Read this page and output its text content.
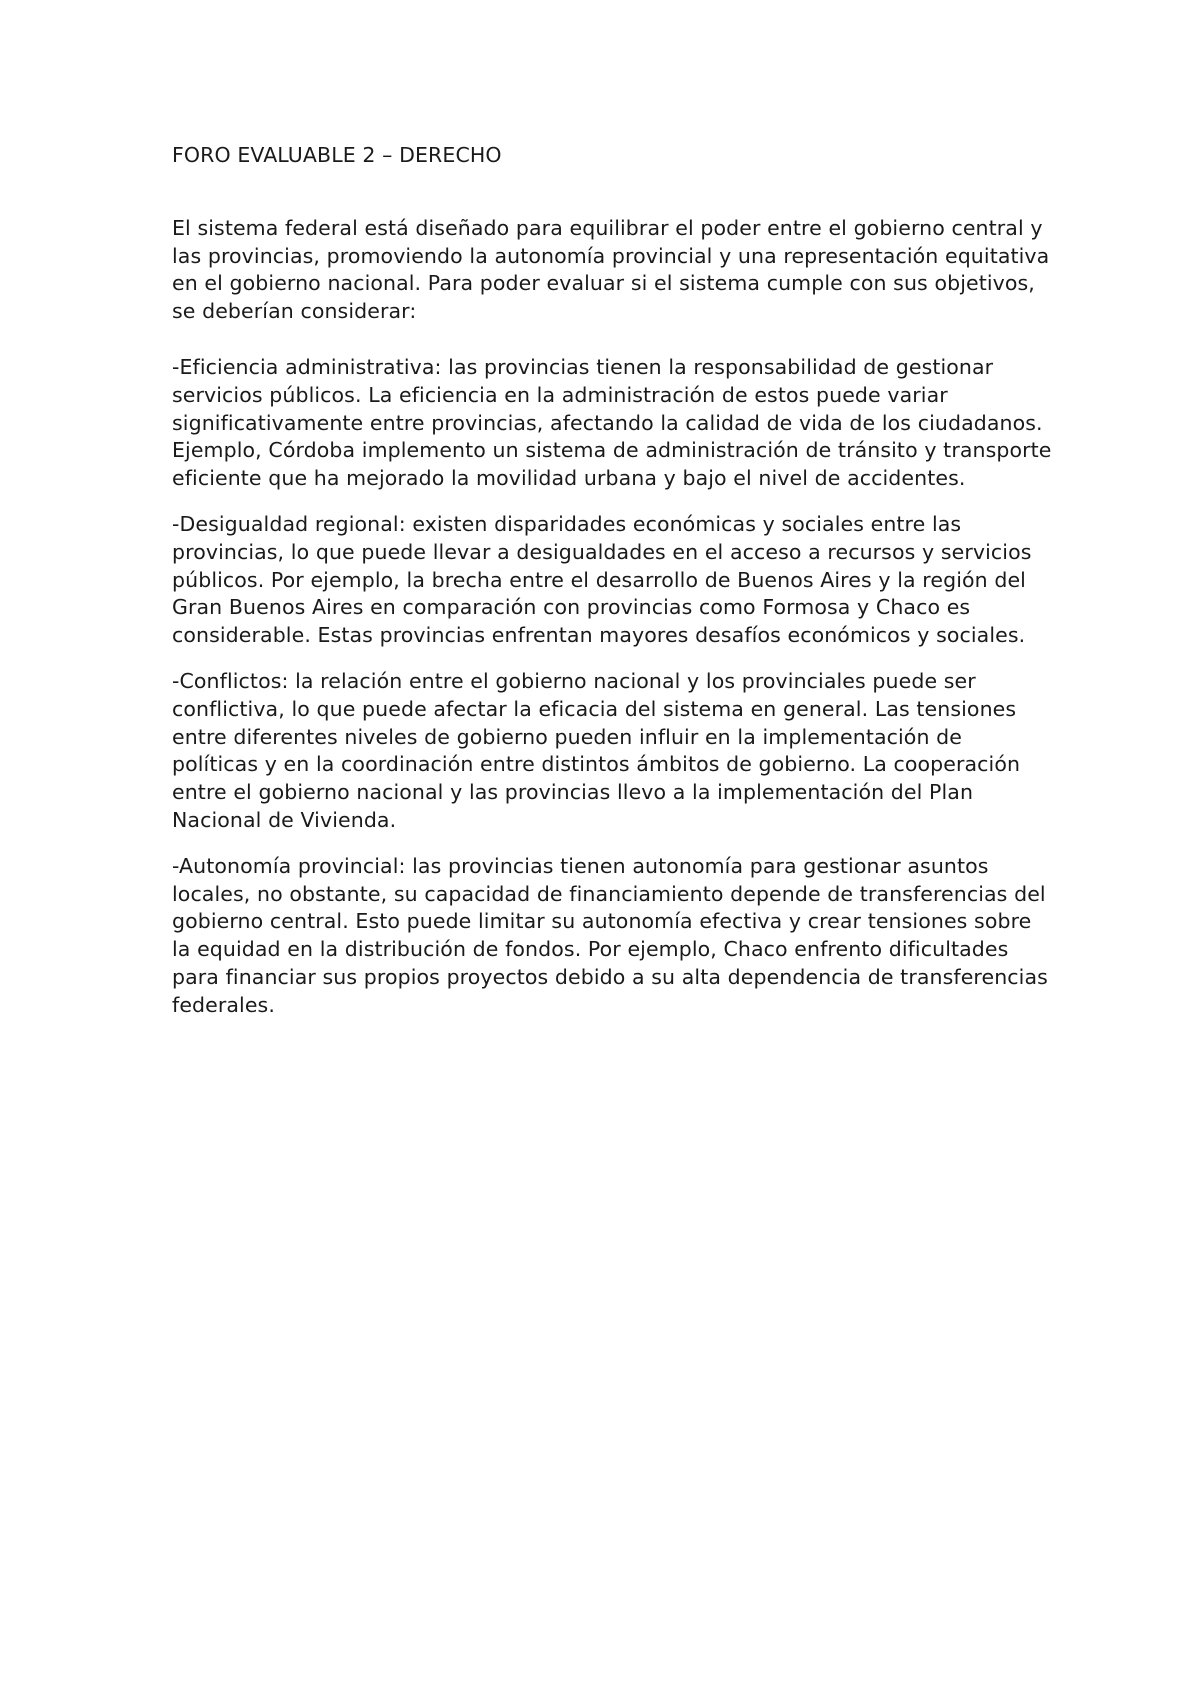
FORO EVALUABLE 2 – DERECHO

El sistema federal está diseñado para equilibrar el poder entre el gobierno central y las provincias, promoviendo la autonomía provincial y una representación equitativa en el gobierno nacional. Para poder evaluar si el sistema cumple con sus objetivos, se deberían considerar:

-Eficiencia administrativa: las provincias tienen la responsabilidad de gestionar servicios públicos. La eficiencia en la administración de estos puede variar significativamente entre provincias, afectando la calidad de vida de los ciudadanos. Ejemplo, Córdoba implemento un sistema de administración de tránsito y transporte eficiente que ha mejorado la movilidad urbana y bajo el nivel de accidentes.

-Desigualdad regional: existen disparidades económicas y sociales entre las provincias, lo que puede llevar a desigualdades en el acceso a recursos y servicios públicos. Por ejemplo, la brecha entre el desarrollo de Buenos Aires y la región del Gran Buenos Aires en comparación con provincias como Formosa y Chaco es considerable. Estas provincias enfrentan mayores desafíos económicos y sociales.

-Conflictos: la relación entre el gobierno nacional y los provinciales puede ser conflictiva, lo que puede afectar la eficacia del sistema en general. Las tensiones entre diferentes niveles de gobierno pueden influir en la implementación de políticas y en la coordinación entre distintos ámbitos de gobierno. La cooperación entre el gobierno nacional y las provincias llevo a la implementación del Plan Nacional de Vivienda.

-Autonomía provincial: las provincias tienen autonomía para gestionar asuntos locales, no obstante, su capacidad de financiamiento depende de transferencias del gobierno central. Esto puede limitar su autonomía efectiva y crear tensiones sobre la equidad en la distribución de fondos. Por ejemplo, Chaco enfrento dificultades para financiar sus propios proyectos debido a su alta dependencia de transferencias federales.
